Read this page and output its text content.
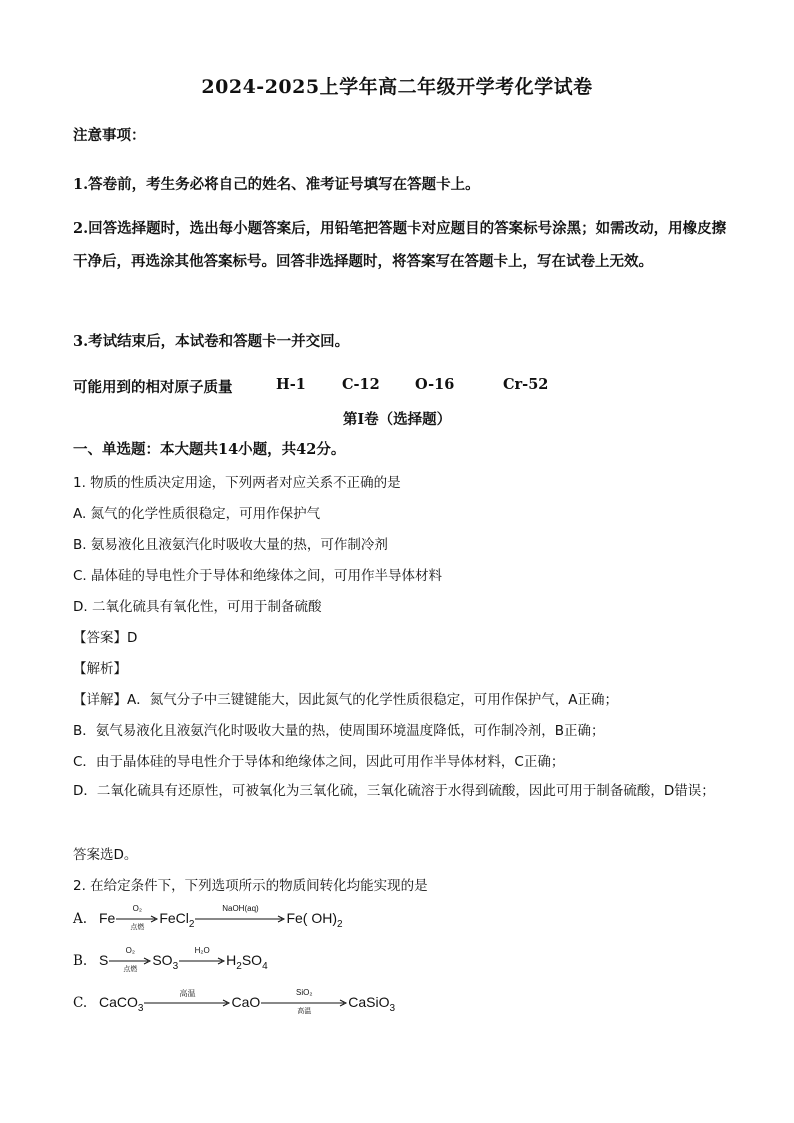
2024-2025上学年高二年级开学考化学试卷
注意事项：
1.答卷前，考生务必将自己的姓名、准考证号填写在答题卡上。
2.回答选择题时，选出每小题答案后，用铅笔把答题卡对应题目的答案标号涂黑；如需改动，用橡皮擦干净后，再选涂其他答案标号。回答非选择题时，将答案写在答题卡上，写在试卷上无效。
3.考试结束后，本试卷和答题卡一并交回。
可能用到的相对原子质量	H-1 C-12 O-16	Cr-52
第I卷（选择题）
一、单选题：本大题共14小题，共42分。
1. 物质的性质决定用途，下列两者对应关系不正确的是
A. 氮气的化学性质很稳定，可用作保护气
B. 氨易液化且液氨汽化时吸收大量的热，可作制冷剂
C. 晶体硅的导电性介于导体和绝缘体之间，可用作半导体材料
D. 二氧化硫具有氧化性，可用于制备硫酸
【答案】D
【解析】
【详解】A．氮气分子中三键键能大，因此氮气的化学性质很稳定，可用作保护气，A正确；
B．氨气易液化且液氨汽化时吸收大量的热，使周围环境温度降低，可作制冷剂，B正确；
C．由于晶体硅的导电性介于导体和绝缘体之间，因此可用作半导体材料，C正确；
D．二氧化硫具有还原性，可被氧化为三氧化硫，三氧化硫溶于水得到硫酸，因此可用于制备硫酸，D错误；
答案选D。
2. 在给定条件下，下列选项所示的物质间转化均能实现的是
A. Fe
O₂
点燃
FeCl$_2$
NaOH(aq)
Fe( $OH)_2$
B. S
O₂
点燃
$SO_3$
H₂O
$H_2SO_4$
C. CaCO$_3$
高温
CaO
SiO₂
高温
CaSiO$_3$
